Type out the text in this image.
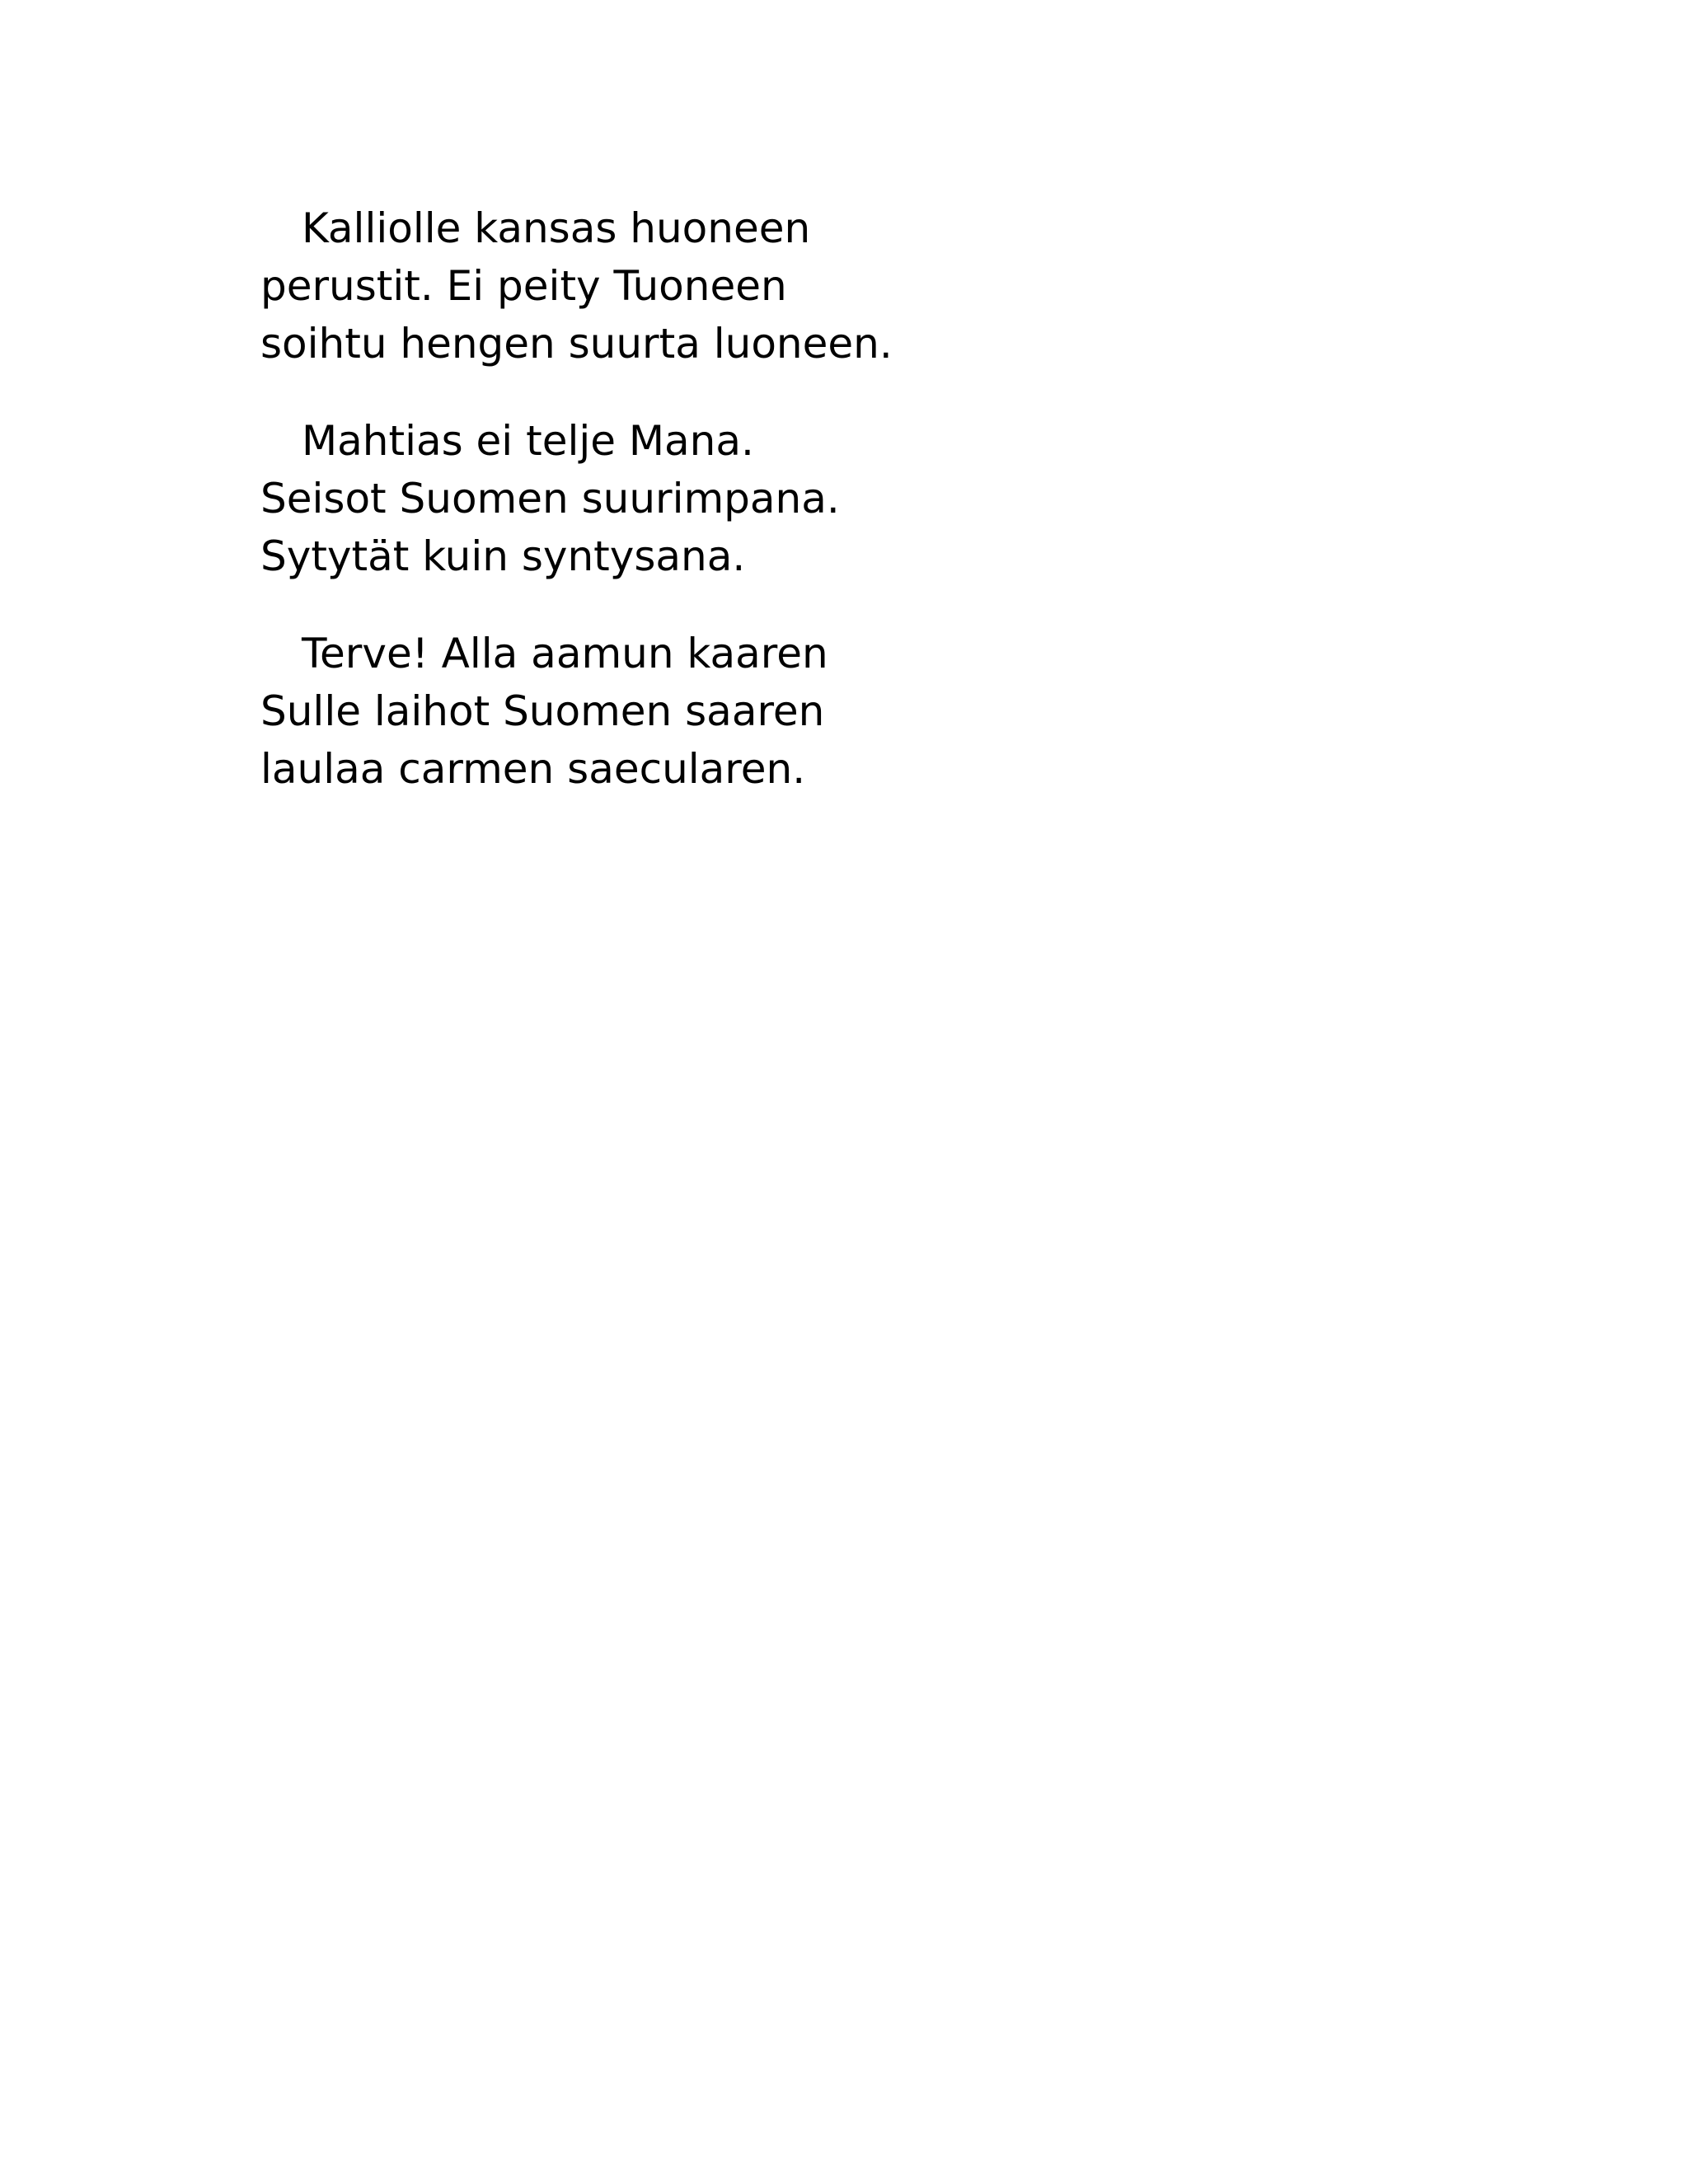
Kalliolle kansas huoneen
perustit. Ei peity Tuoneen
soihtu hengen suurta luoneen.
Mahtias ei telje Mana.
Seisot Suomen suurimpana.
Sytytät kuin syntysana.
Terve! Alla aamun kaaren
Sulle laihot Suomen saaren
laulaa carmen saecularen.
